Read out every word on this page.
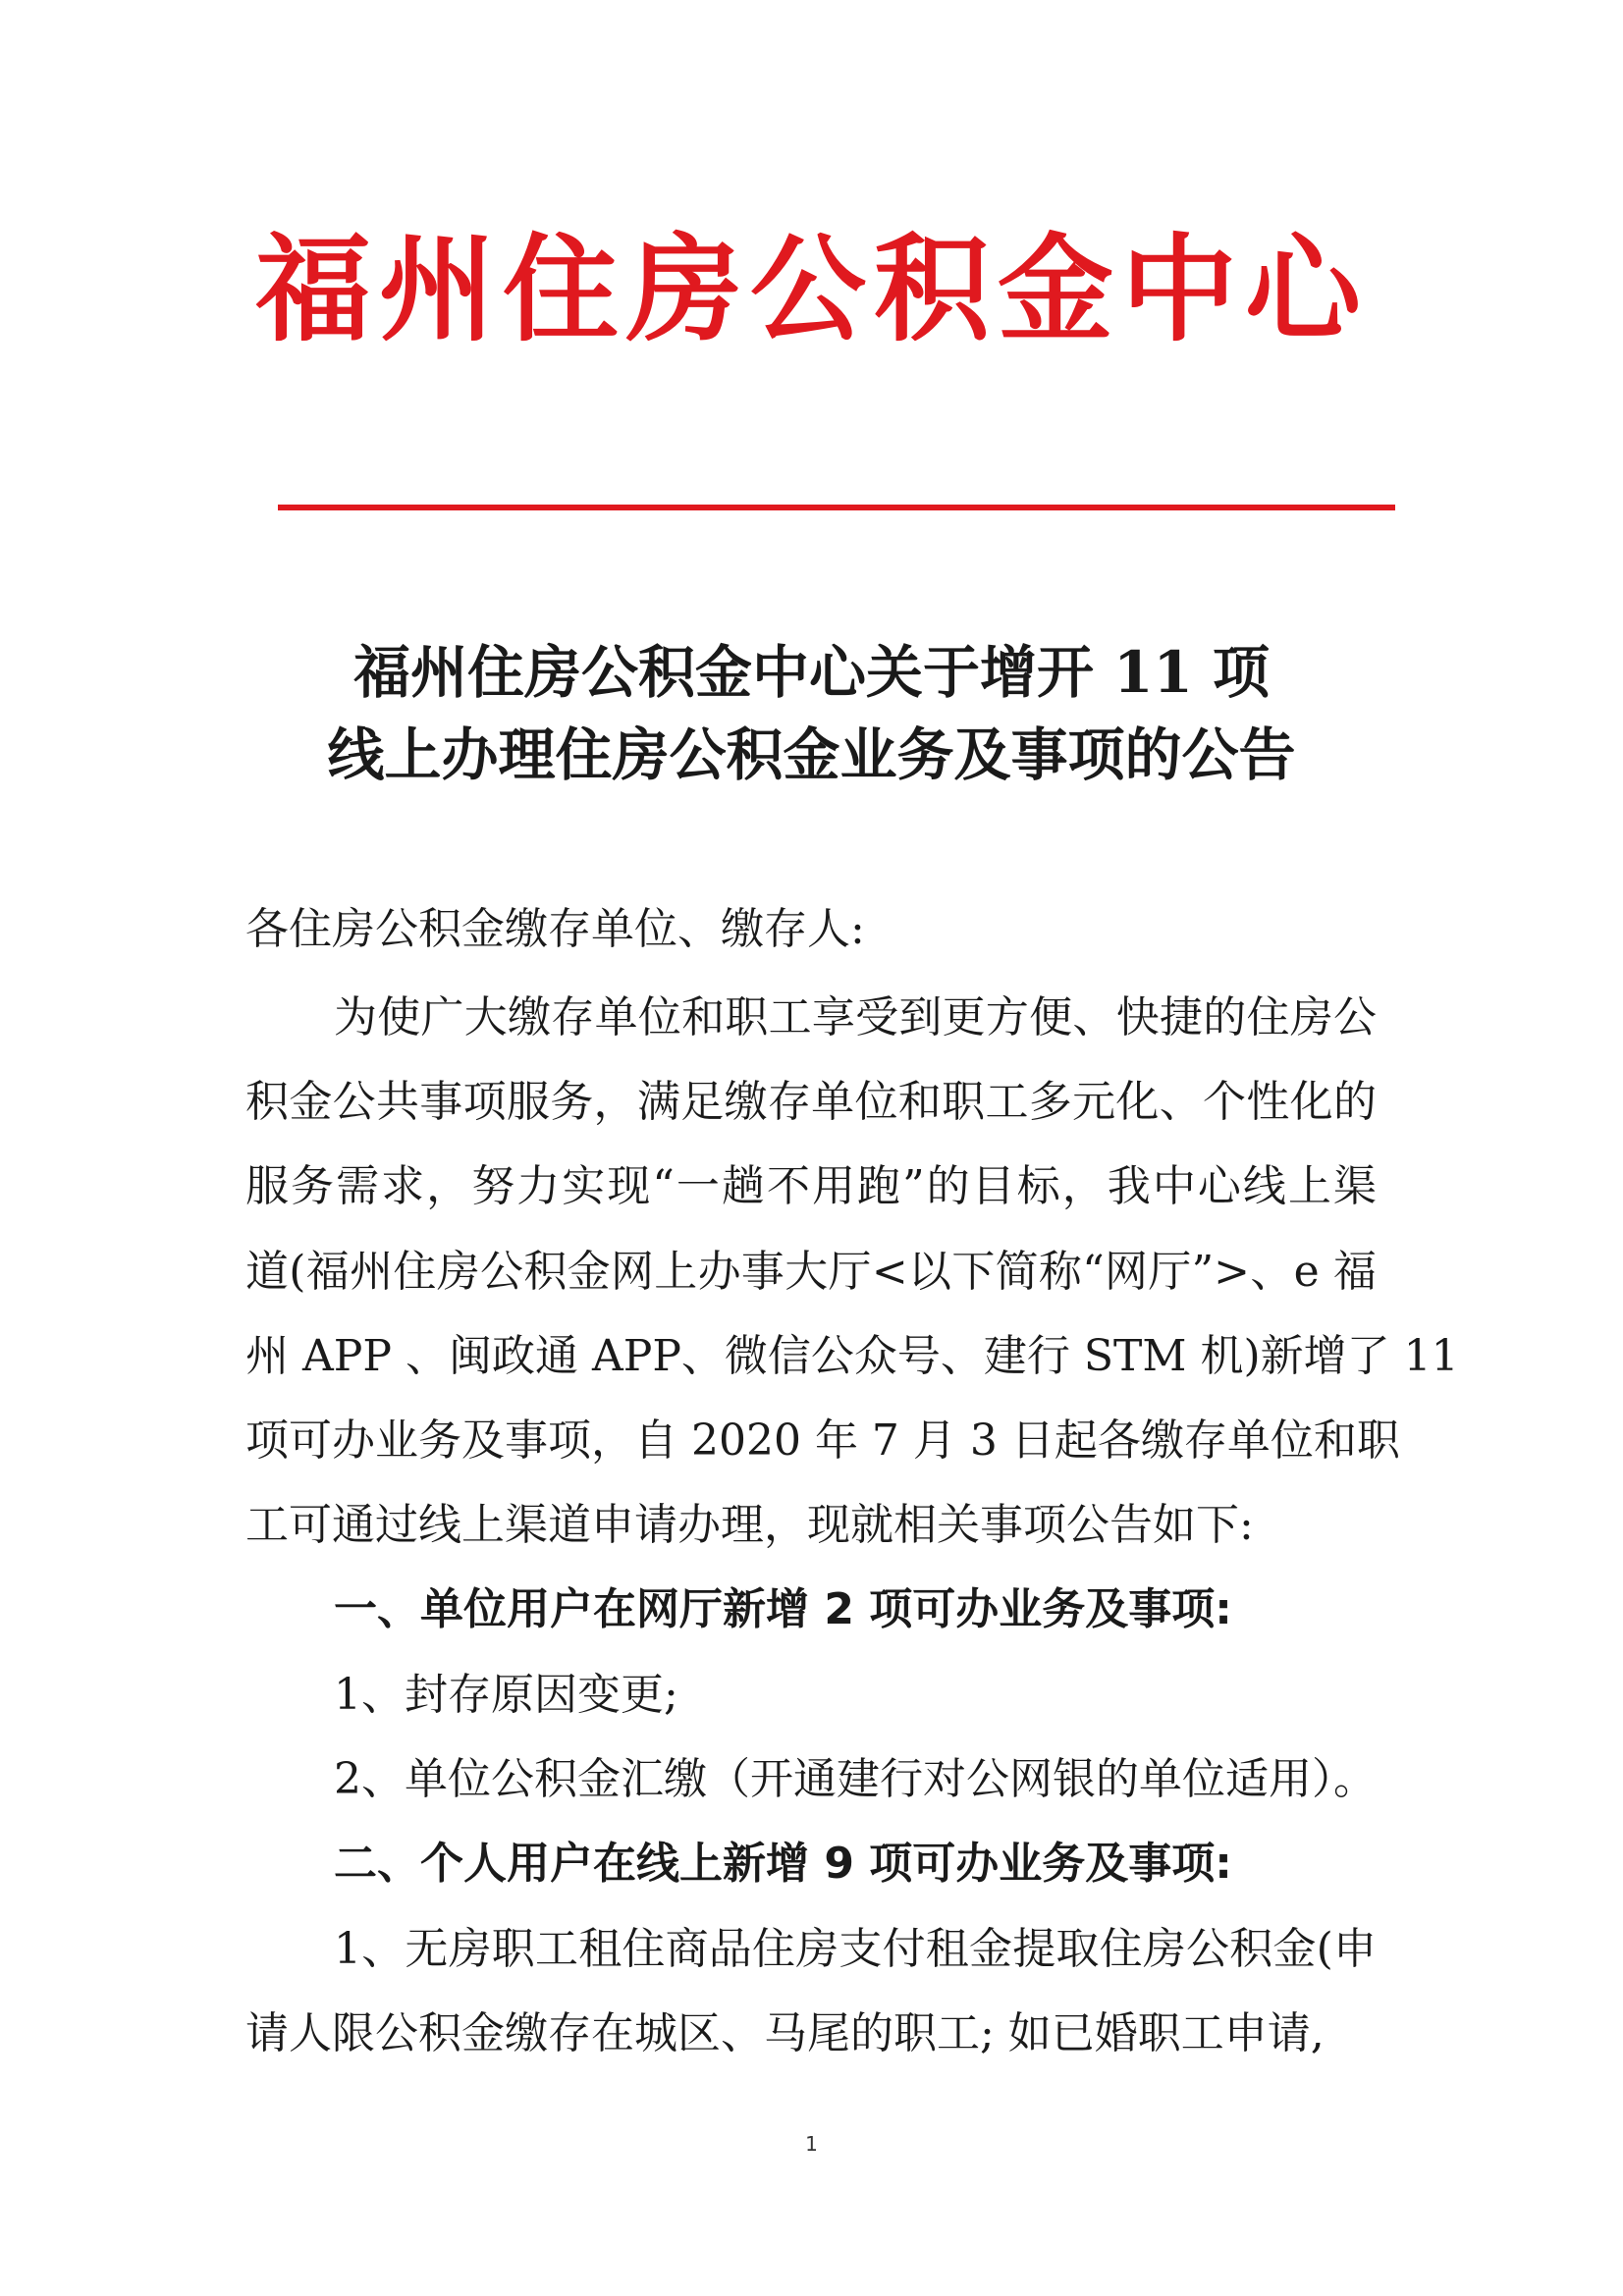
福州住房公积金中心
福州住房公积金中心关于增开 11 项
线上办理住房公积金业务及事项的公告
各住房公积金缴存单位、缴存人:
为使广大缴存单位和职工享受到更方便、快捷的住房公
积金公共事项服务，满足缴存单位和职工多元化、个性化的
服务需求，努力实现“一趟不用跑”的目标，我中心线上渠
道(福州住房公积金网上办事大厅<以下简称“网厅”>、e 福
州 APP 、闽政通 APP、微信公众号、建行 STM 机)新增了 11
项可办业务及事项，自 2020 年 7 月 3 日起各缴存单位和职
工可通过线上渠道申请办理，现就相关事项公告如下:
一、单位用户在网厅新增 2 项可办业务及事项:
1、封存原因变更;
2、单位公积金汇缴（开通建行对公网银的单位适用）。
二、个人用户在线上新增 9 项可办业务及事项:
1、无房职工租住商品住房支付租金提取住房公积金(申
请人限公积金缴存在城区、马尾的职工; 如已婚职工申请,
1
